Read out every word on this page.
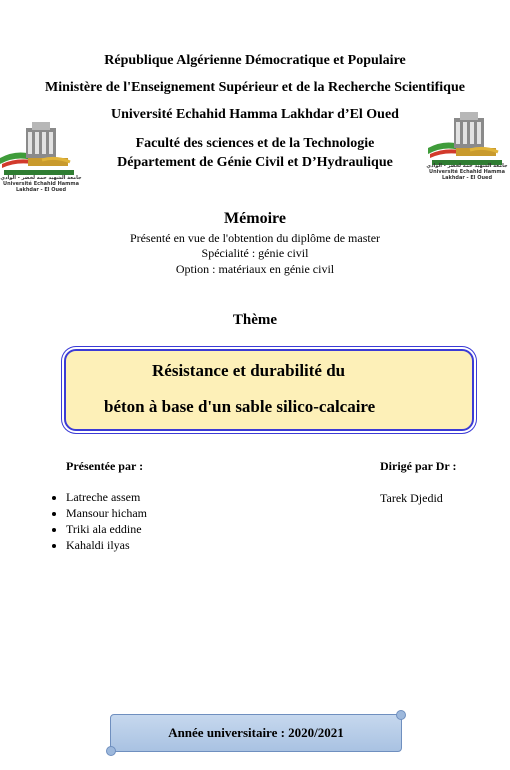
République Algérienne Démocratique et Populaire
Ministère de l'Enseignement Supérieur et de la Recherche Scientifique
Université Echahid Hamma Lakhdar d’El Oued
Faculté des sciences et de la Technologie
Département de Génie Civil et D’Hydraulique
جامعة الشهيد حمه لخضر - الوادي
Université Echahid Hamma Lakhdar - El Oued
جامعة الشهيد حمه لخضر - الوادي
Université Echahid Hamma Lakhdar - El Oued
Mémoire
Présenté en vue de l'obtention du diplôme de master
Spécialité : génie civil
Option : matériaux en génie civil
Thème
Résistance et durabilité du
béton à base d'un sable silico-calcaire
Présentée par :	Dirigé par Dr :
• Latreche assem
• Mansour hicham
• Triki ala eddine
• Kahaldi ilyas
Tarek Djedid
Année universitaire : 2020/2021
